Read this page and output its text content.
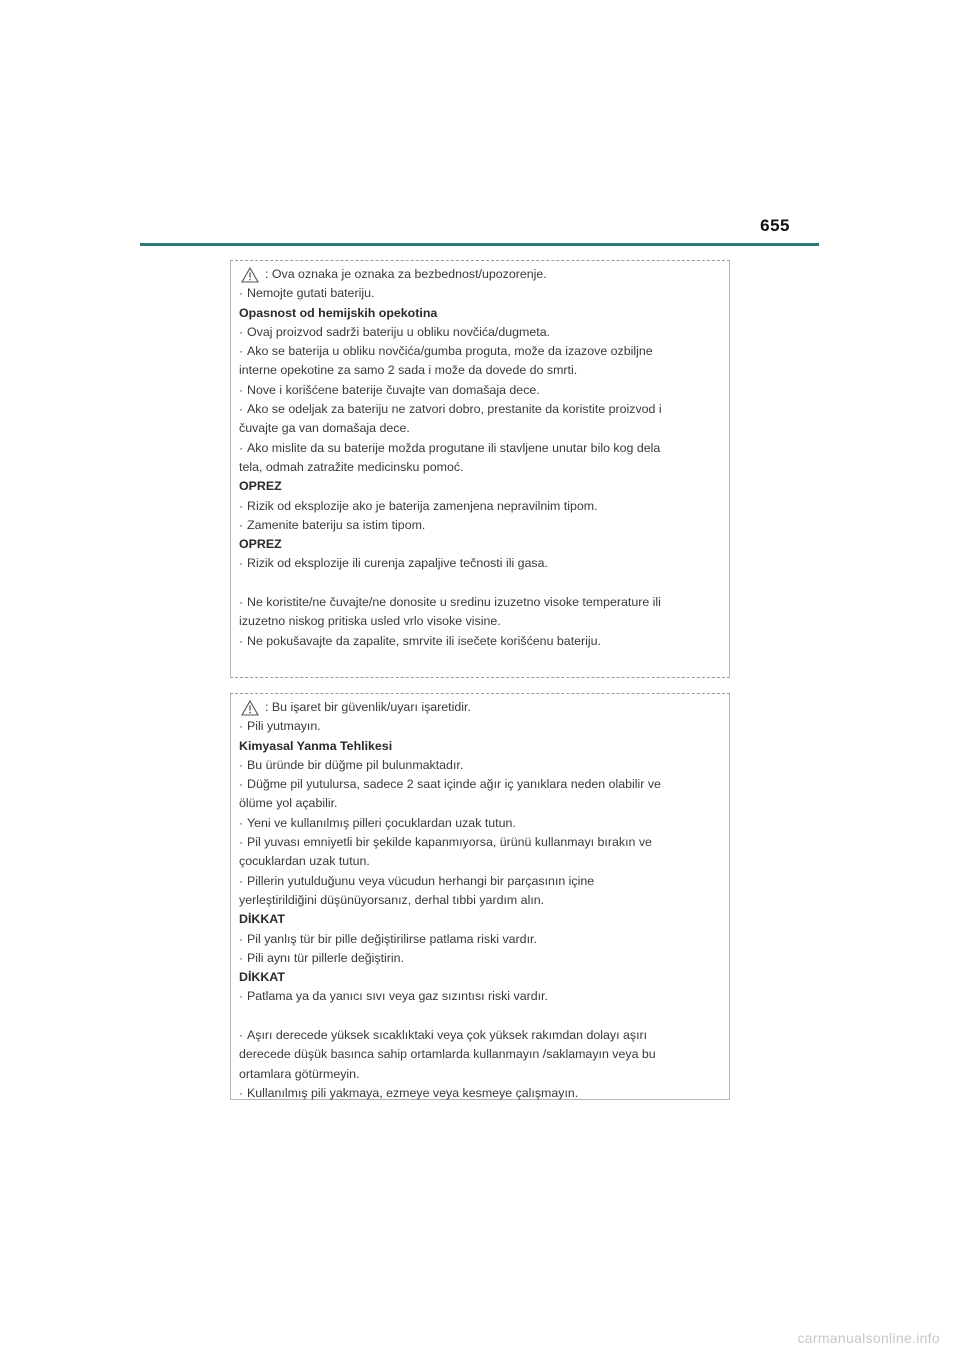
655
: Ova oznaka je oznaka za bezbednost/upozorenje.
· Nemojte gutati bateriju.
Opasnost od hemijskih opekotina
· Ovaj proizvod sadrži bateriju u obliku novčića/dugmeta.
· Ako se baterija u obliku novčića/gumba proguta, može da izazove ozbiljne
interne opekotine za samo 2 sada i može da dovede do smrti.
· Nove i korišćene baterije čuvajte van domašaja dece.
· Ako se odeljak za bateriju ne zatvori dobro, prestanite da koristite proizvod i
čuvajte ga van domašaja dece.
· Ako mislite da su baterije možda progutane ili stavljene unutar bilo kog dela
tela, odmah zatražite medicinsku pomoć.
OPREZ
· Rizik od eksplozije ako je baterija zamenjena nepravilnim tipom.
· Zamenite bateriju sa istim tipom.
OPREZ
· Rizik od eksplozije ili curenja zapaljive tečnosti ili gasa.
· Ne koristite/ne čuvajte/ne donosite u sredinu izuzetno visoke temperature ili
izuzetno niskog pritiska usled vrlo visoke visine.
· Ne pokušavajte da zapalite, smrvite ili isečete korišćenu bateriju.
: Bu işaret bir güvenlik/uyarı işaretidir.
· Pili yutmayın.
Kimyasal Yanma Tehlikesi
· Bu üründe bir düğme pil bulunmaktadır.
· Düğme pil yutulursa, sadece 2 saat içinde ağır iç yanıklara neden olabilir ve
ölüme yol açabilir.
· Yeni ve kullanılmış pilleri çocuklardan uzak tutun.
· Pil yuvası emniyetli bir şekilde kapanmıyorsa, ürünü kullanmayı bırakın ve
çocuklardan uzak tutun.
· Pillerin yutulduğunu veya vücudun herhangi bir parçasının içine
yerleştirildiğini düşünüyorsanız, derhal tıbbi yardım alın.
DİKKAT
· Pil yanlış tür bir pille değiştirilirse patlama riski vardır.
· Pili aynı tür pillerle değiştirin.
DİKKAT
· Patlama ya da yanıcı sıvı veya gaz sızıntısı riski vardır.
· Aşırı derecede yüksek sıcaklıktaki veya çok yüksek rakımdan dolayı aşırı
derecede düşük basınca sahip ortamlarda kullanmayın /saklamayın veya bu
ortamlara götürmeyin.
· Kullanılmış pili yakmaya, ezmeye veya kesmeye çalışmayın.
carmanualsonline.info
